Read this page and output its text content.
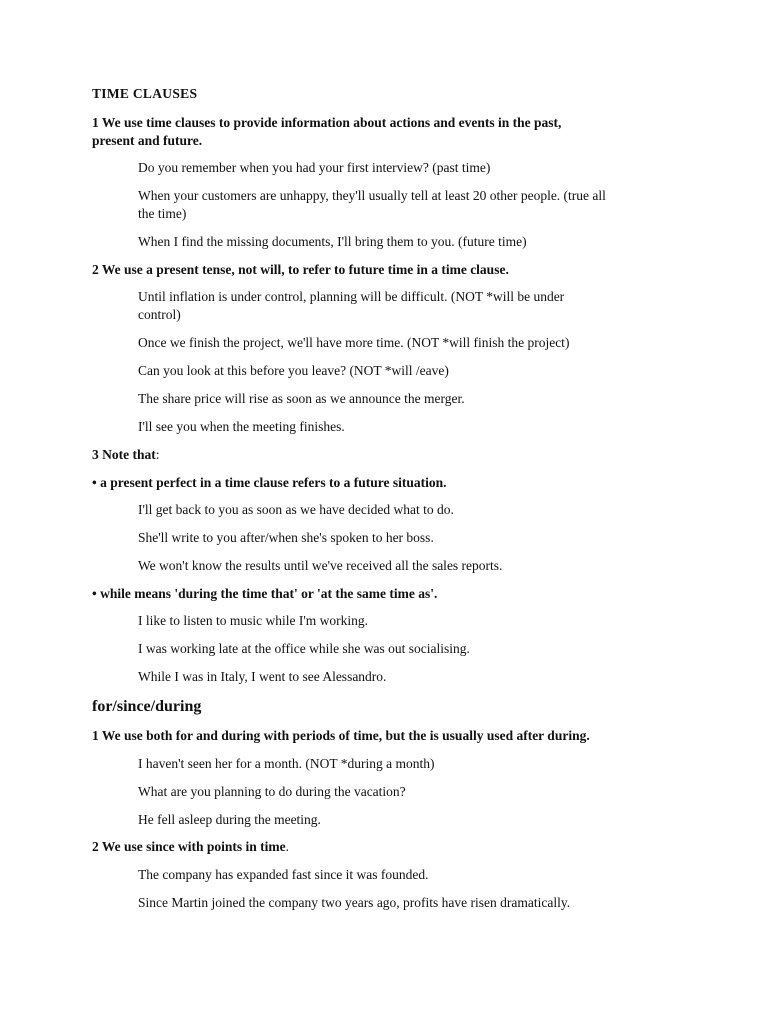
TIME CLAUSES

1 We use time clauses to provide information about actions and events in the past,

present and future.

Do you remember when you had your first interview? (past time)

When your customers are unhappy, they'll usually tell at least 20 other people. (true all

the time)

When I find the missing documents, I'll bring them to you. (future time)

2 We use a present tense, not will, to refer to future time in a time clause.

Until inflation is under control, planning will be difficult. (NOT *will be under

control)

Once we finish the project, we'll have more time. (NOT *will finish the project)

Can you look at this before you leave? (NOT *will /eave)

The share price will rise as soon as we announce the merger.

I'll see you when the meeting finishes.

3 Note that:

• a present perfect in a time clause refers to a future situation.

I'll get back to you as soon as we have decided what to do.

She'll write to you after/when she's spoken to her boss.

We won't know the results until we've received all the sales reports.

• while means 'during the time that' or 'at the same time as'.

I like to listen to music while I'm working.

I was working late at the office while she was out socialising.

While I was in Italy, I went to see Alessandro.

for/since/during

1 We use both for and during with periods of time, but the is usually used after during.

I haven't seen her for a month. (NOT *during a month)

What are you planning to do during the vacation?

He fell asleep during the meeting.

2 We use since with points in time.

The company has expanded fast since it was founded.

Since Martin joined the company two years ago, profits have risen dramatically.
